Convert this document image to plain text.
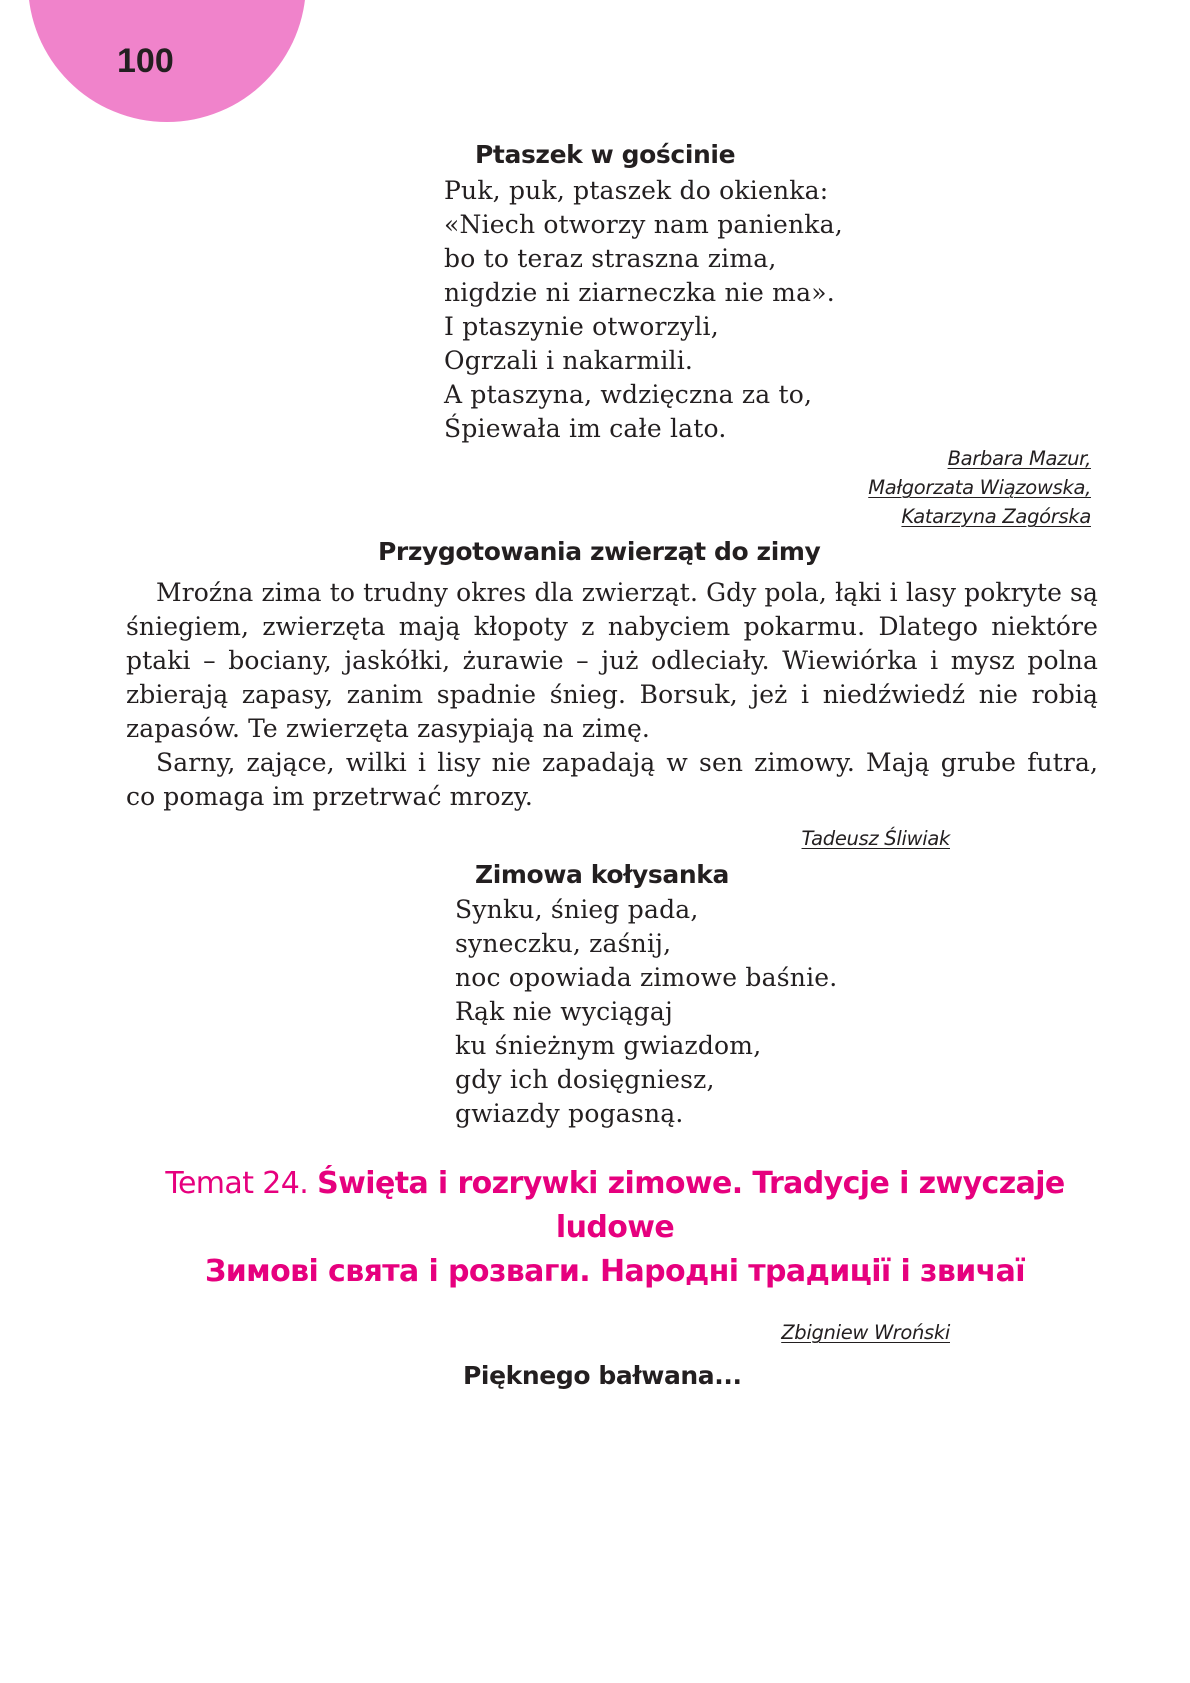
100
Ptaszek w gościnie
Puk, puk, ptaszek do okienka:
«Niech otworzy nam panienka,
bo to teraz straszna zima,
nigdzie ni ziarneczka nie ma».
I ptaszynie otworzyli,
Ogrzali i nakarmili.
A ptaszyna, wdzięczna za to,
Śpiewała im całe lato.
Barbara Mazur,
Małgorzata Wiązowska,
Katarzyna Zagórska
Przygotowania zwierząt do zimy

Mroźna zima to trudny okres dla zwierząt. Gdy pola, łąki i lasy pokryte są śniegiem, zwierzęta mają kłopoty z nabyciem pokarmu. Dlatego niektóre ptaki – bociany, jaskółki, żurawie – już odleciały. Wiewiórka i mysz polna zbierają zapasy, zanim spadnie śnieg. Borsuk, jeż i niedźwiedź nie robią zapasów. Te zwierzęta zasypiają na zimę.

Sarny, zające, wilki i lisy nie zapadają w sen zimowy. Mają grube futra, co pomaga im przetrwać mrozy.

Tadeusz Śliwiak
Zimowa kołysanka
Synku, śnieg pada,
syneczku, zaśnij,
noc opowiada zimowe baśnie.
Rąk nie wyciągaj
ku śnieżnym gwiazdom,
gdy ich dosięgniesz,
gwiazdy pogasną.
Temat 24. Święta i rozrywki zimowe. Tradycje i zwyczaje
ludowe
Зимові свята і розваги. Народні традиції і звичаї
Zbigniew Wroński
Pięknego bałwana...
